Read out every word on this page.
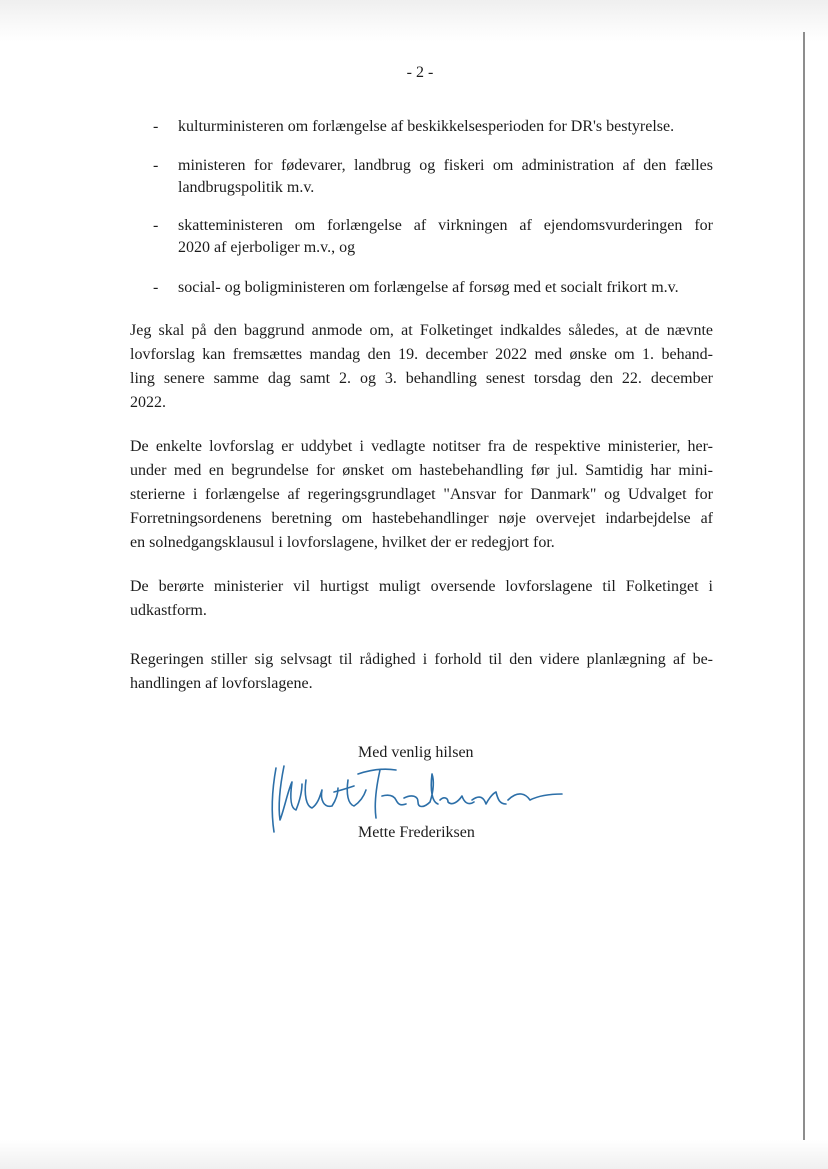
- 2 -
- kulturministeren om forlængelse af beskikkelsesperioden for DR's bestyrelse.
- ministeren for fødevarer, landbrug og fiskeri om administration af den fælles
landbrugspolitik m.v.
- skatteministeren om forlængelse af virkningen af ejendomsvurderingen for
2020 af ejerboliger m.v., og
- social- og boligministeren om forlængelse af forsøg med et socialt frikort m.v.
Jeg skal på den baggrund anmode om, at Folketinget indkaldes således, at de nævnte
lovforslag kan fremsættes mandag den 19. december 2022 med ønske om 1. behand-
ling senere samme dag samt 2. og 3. behandling senest torsdag den 22. december
2022.
De enkelte lovforslag er uddybet i vedlagte notitser fra de respektive ministerier, her-
under med en begrundelse for ønsket om hastebehandling før jul. Samtidig har mini-
sterierne i forlængelse af regeringsgrundlaget "Ansvar for Danmark" og Udvalget for
Forretningsordenens beretning om hastebehandlinger nøje overvejet indarbejdelse af
en solnedgangsklausul i lovforslagene, hvilket der er redegjort for.
De berørte ministerier vil hurtigst muligt oversende lovforslagene til Folketinget i
udkastform.
Regeringen stiller sig selvsagt til rådighed i forhold til den videre planlægning af be-
handlingen af lovforslagene.
Med venlig hilsen
Mette Frederiksen
